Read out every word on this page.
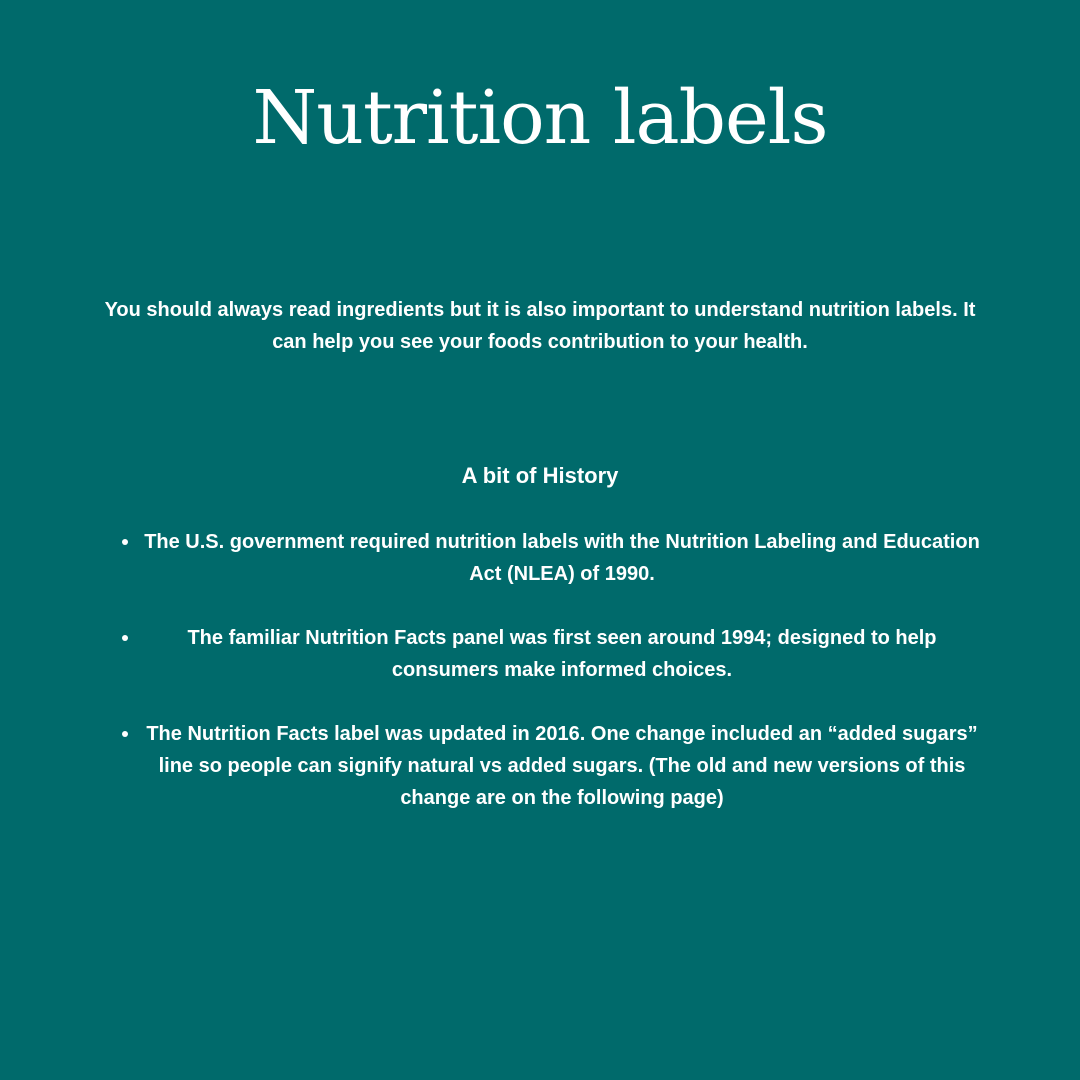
Nutrition labels

You should always read ingredients but it is also important to understand nutrition labels. It can help you see your foods contribution to your health.

A bit of History
The U.S. government required nutrition labels with the Nutrition Labeling and Education Act (NLEA) of 1990.
The familiar Nutrition Facts panel was first seen around 1994; designed to help consumers make informed choices.
The Nutrition Facts label was updated in 2016. One change included an “added sugars” line so people can signify natural vs added sugars. (The old and new versions of this change are on the following page)
